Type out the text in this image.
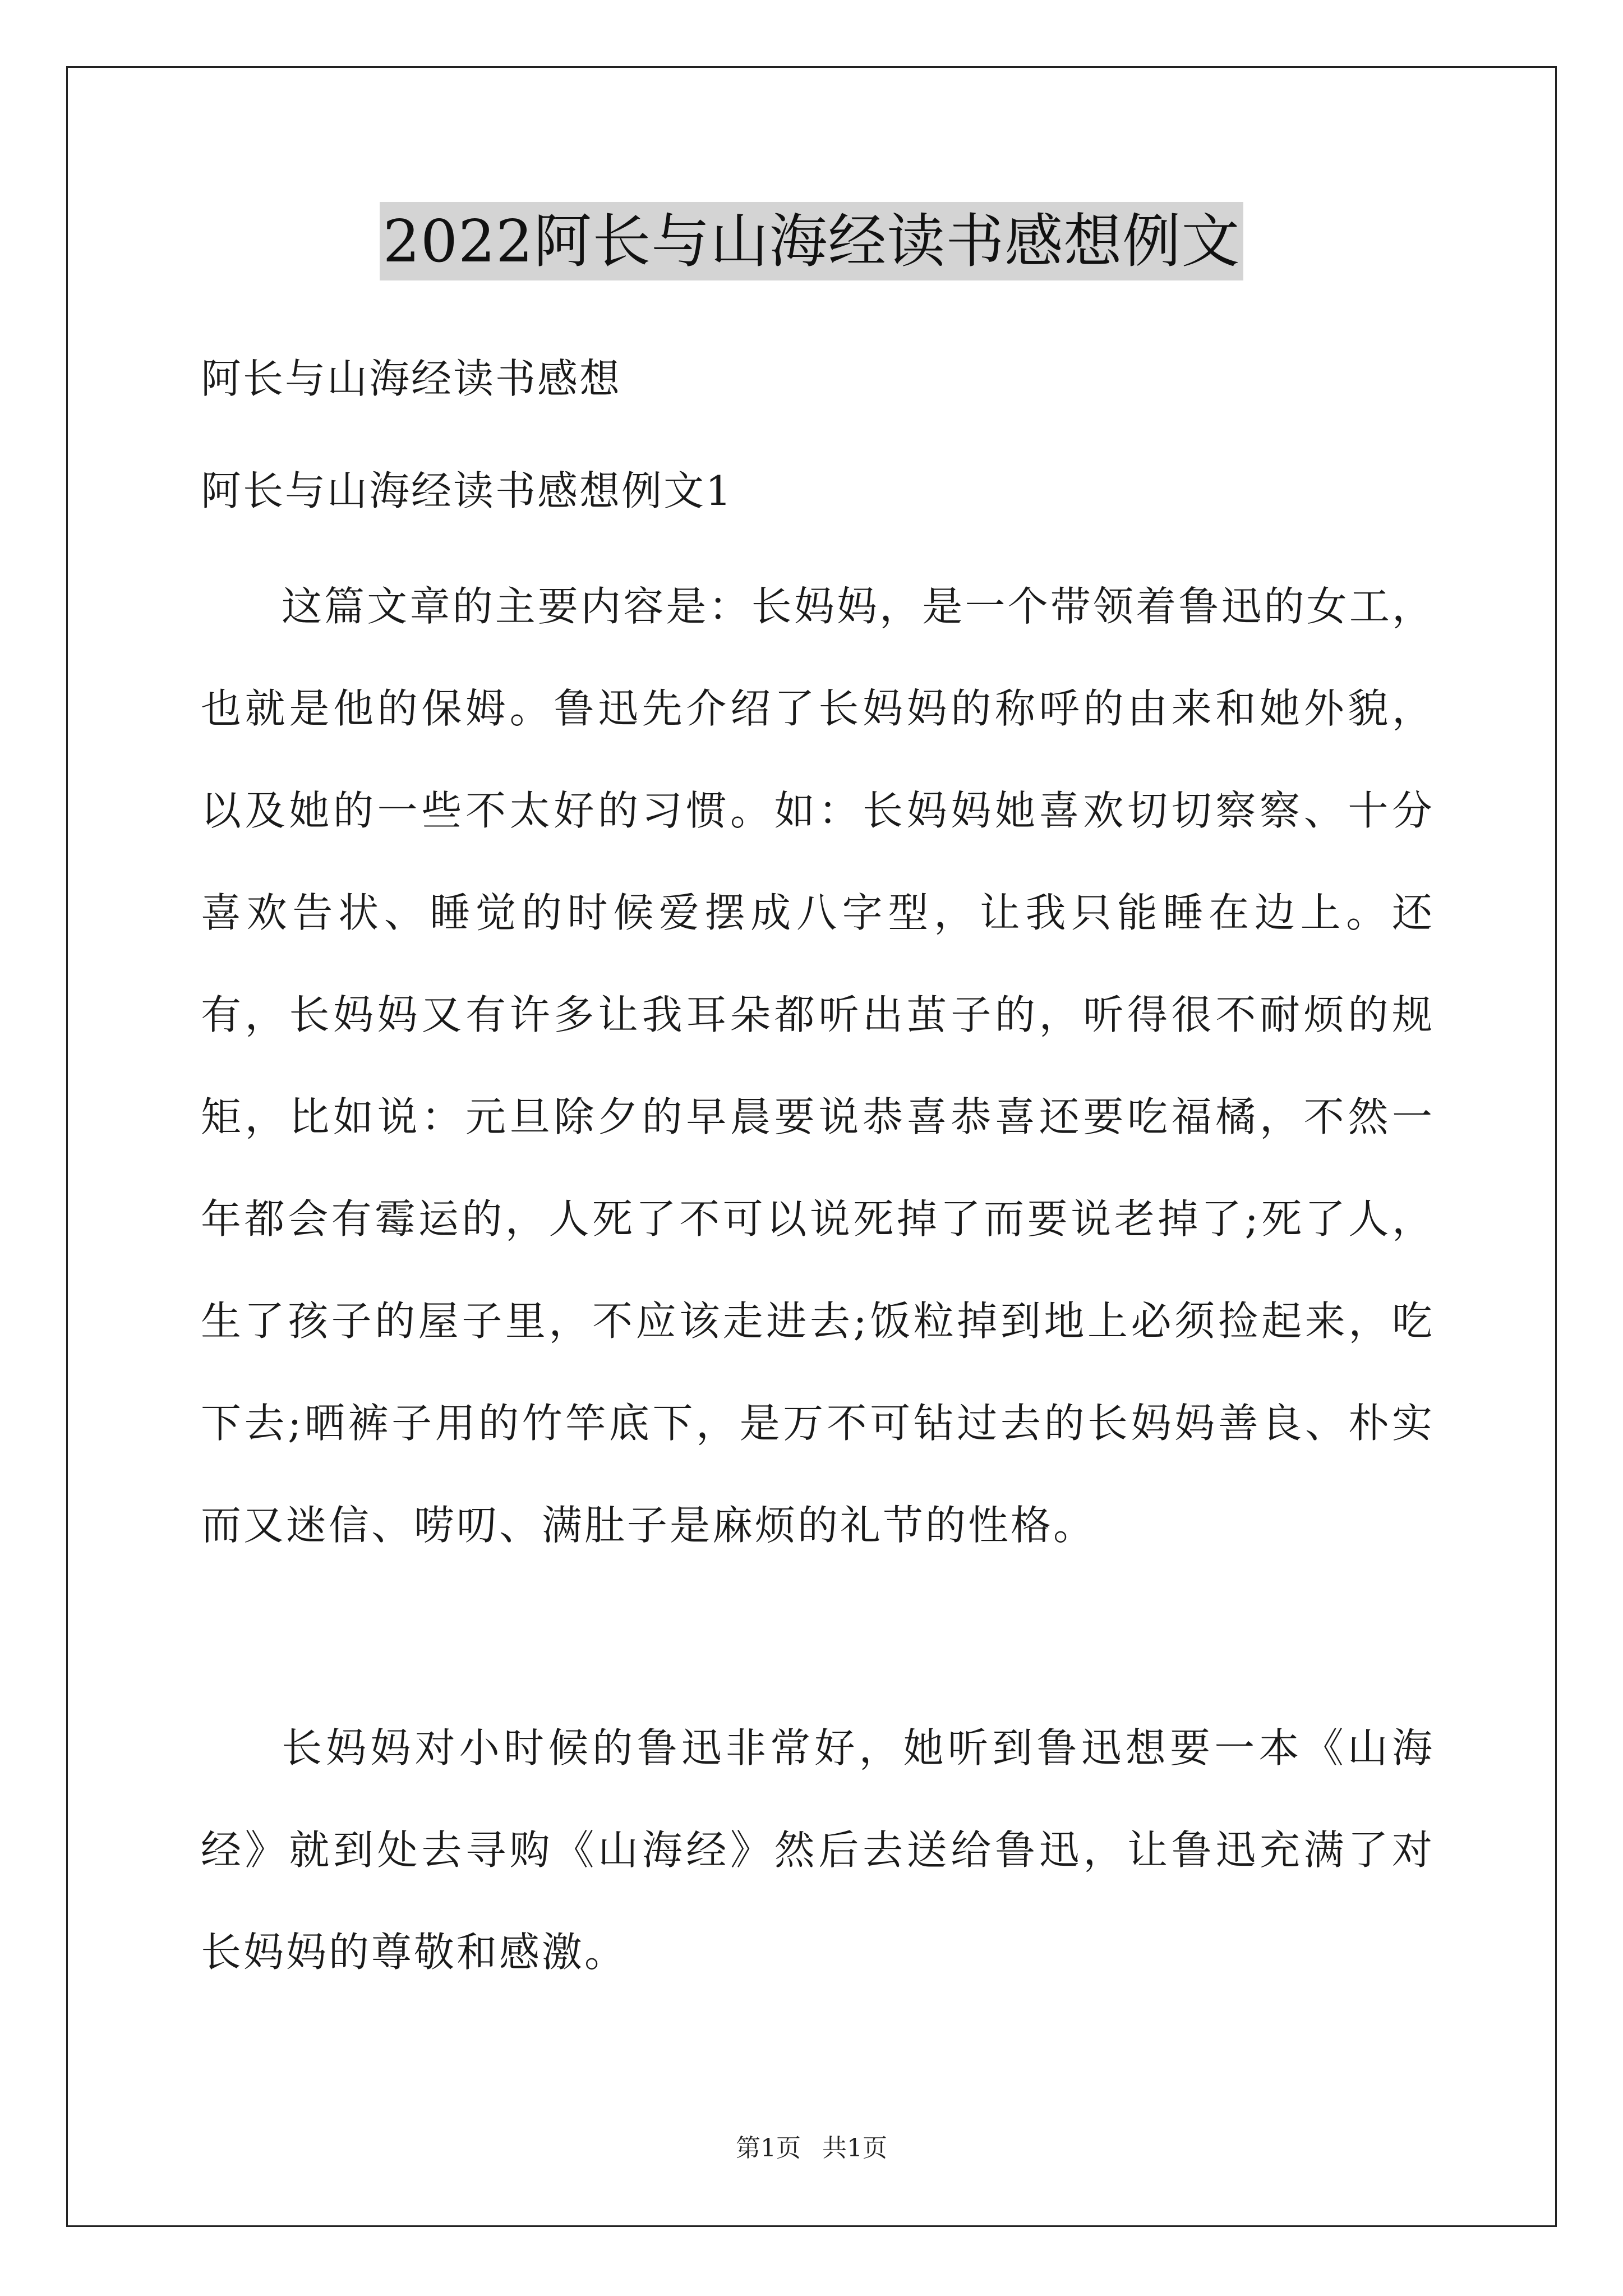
2022阿长与山海经读书感想例文

阿长与山海经读书感想

阿长与山海经读书感想例文1

这篇文章的主要内容是：长妈妈，是一个带领着鲁迅的女工，也就是他的保姆。鲁迅先介绍了长妈妈的称呼的由来和她外貌，以及她的一些不太好的习惯。如：长妈妈她喜欢切切察察、十分喜欢告状、睡觉的时候爱摆成八字型，让我只能睡在边上。还有，长妈妈又有许多让我耳朵都听出茧子的，听得很不耐烦的规矩，比如说：元旦除夕的早晨要说恭喜恭喜还要吃福橘，不然一年都会有霉运的，人死了不可以说死掉了而要说老掉了;死了人，生了孩子的屋子里，不应该走进去;饭粒掉到地上必须捡起来，吃下去;晒裤子用的竹竿底下，是万不可钻过去的长妈妈善良、朴实而又迷信、唠叨、满肚子是麻烦的礼节的性格。

长妈妈对小时候的鲁迅非常好，她听到鲁迅想要一本《山海经》就到处去寻购《山海经》然后去送给鲁迅，让鲁迅充满了对长妈妈的尊敬和感激。

第1页 共1页
